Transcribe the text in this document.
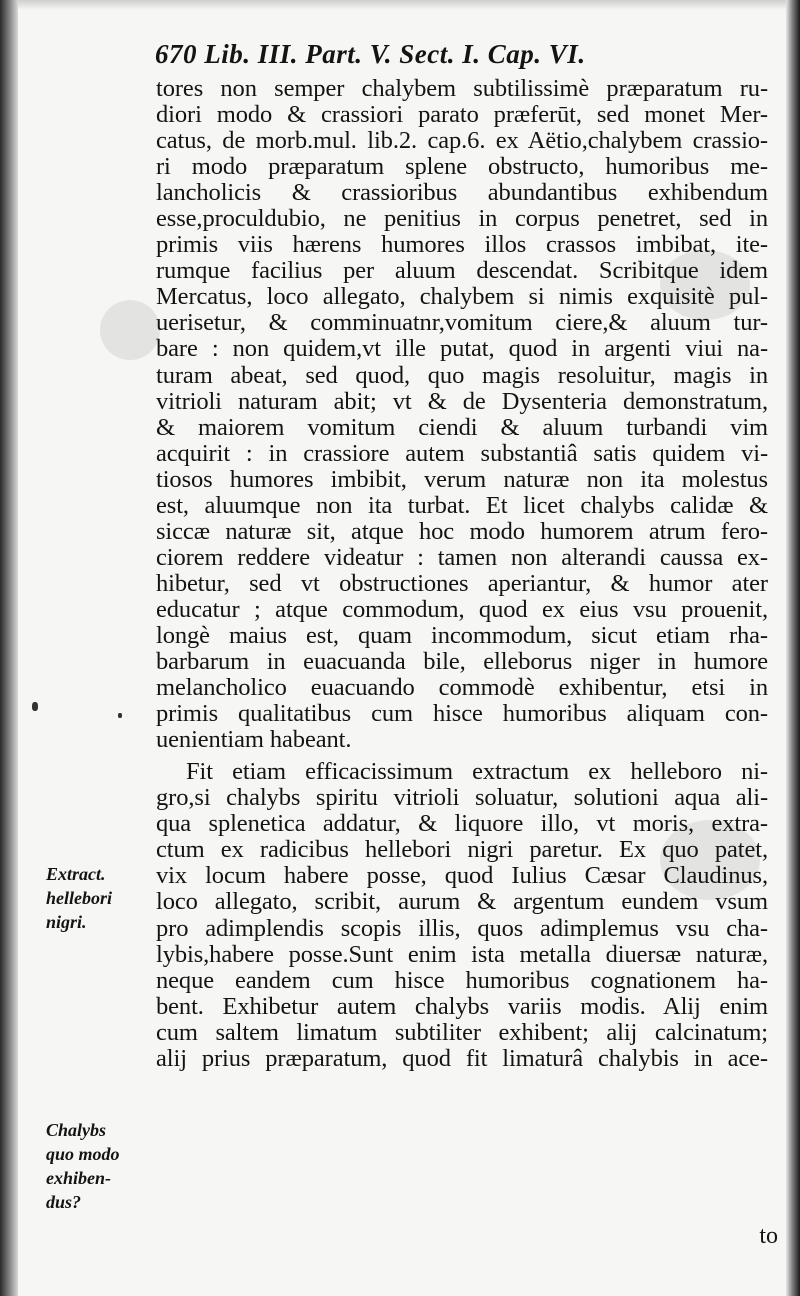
670 Lib. III. Part. V. Sect. I. Cap. VI.
tores non semper chalybem subtilissimè præparatum ru-
diori modo & crassiori parato præferūt, sed monet Mer-
catus, de morb.mul. lib.2. cap.6. ex Aëtio,chalybem crassio-
ri modo præparatum splene obstructo, humoribus me-
lancholicis & crassioribus abundantibus exhibendum
esse,proculdubio, ne penitius in corpus penetret, sed in
primis viis hærens humores illos crassos imbibat, ite-
rumque facilius per aluum descendat. Scribitque idem
Mercatus, loco allegato, chalybem si nimis exquisitè pul-
uerisetur, & comminuatnr,vomitum ciere,& aluum tur-
bare : non quidem,vt ille putat, quod in argenti viui na-
turam abeat, sed quod, quo magis resoluitur, magis in
vitrioli naturam abit; vt & de Dysenteria demonstratum,
& maiorem vomitum ciendi & aluum turbandi vim
acquirit : in crassiore autem substantiâ satis quidem vi-
tiosos humores imbibit, verum naturæ non ita molestus
est, aluumque non ita turbat. Et licet chalybs calidæ &
siccæ naturæ sit, atque hoc modo humorem atrum fero-
ciorem reddere videatur : tamen non alterandi caussa ex-
hibetur, sed vt obstructiones aperiantur, & humor ater
educatur ; atque commodum, quod ex eius vsu prouenit,
longè maius est, quam incommodum, sicut etiam rha-
barbarum in euacuanda bile, elleborus niger in humore
melancholico euacuando commodè exhibentur, etsi in
primis qualitatibus cum hisce humoribus aliquam con-
uenientiam habeant.
Fit etiam efficacissimum extractum ex helleboro ni-
gro,si chalybs spiritu vitrioli soluatur, solutioni aqua ali-
qua splenetica addatur, & liquore illo, vt moris, extra-
ctum ex radicibus hellebori nigri paretur. Ex quo patet,
vix locum habere posse, quod Iulius Cæsar Claudinus,
loco allegato, scribit, aurum & argentum eundem vsum
pro adimplendis scopis illis, quos adimplemus vsu cha-
lybis,habere posse.Sunt enim ista metalla diuersæ naturæ,
neque eandem cum hisce humoribus cognationem ha-
bent. Exhibetur autem chalybs variis modis. Alij enim
cum saltem limatum subtiliter exhibent; alij calcinatum;
alij prius præparatum, quod fit limaturâ chalybis in ace-
to
Extract.
hellebori
nigri.
Chalybs
quo modo
exhiben-
dus?
